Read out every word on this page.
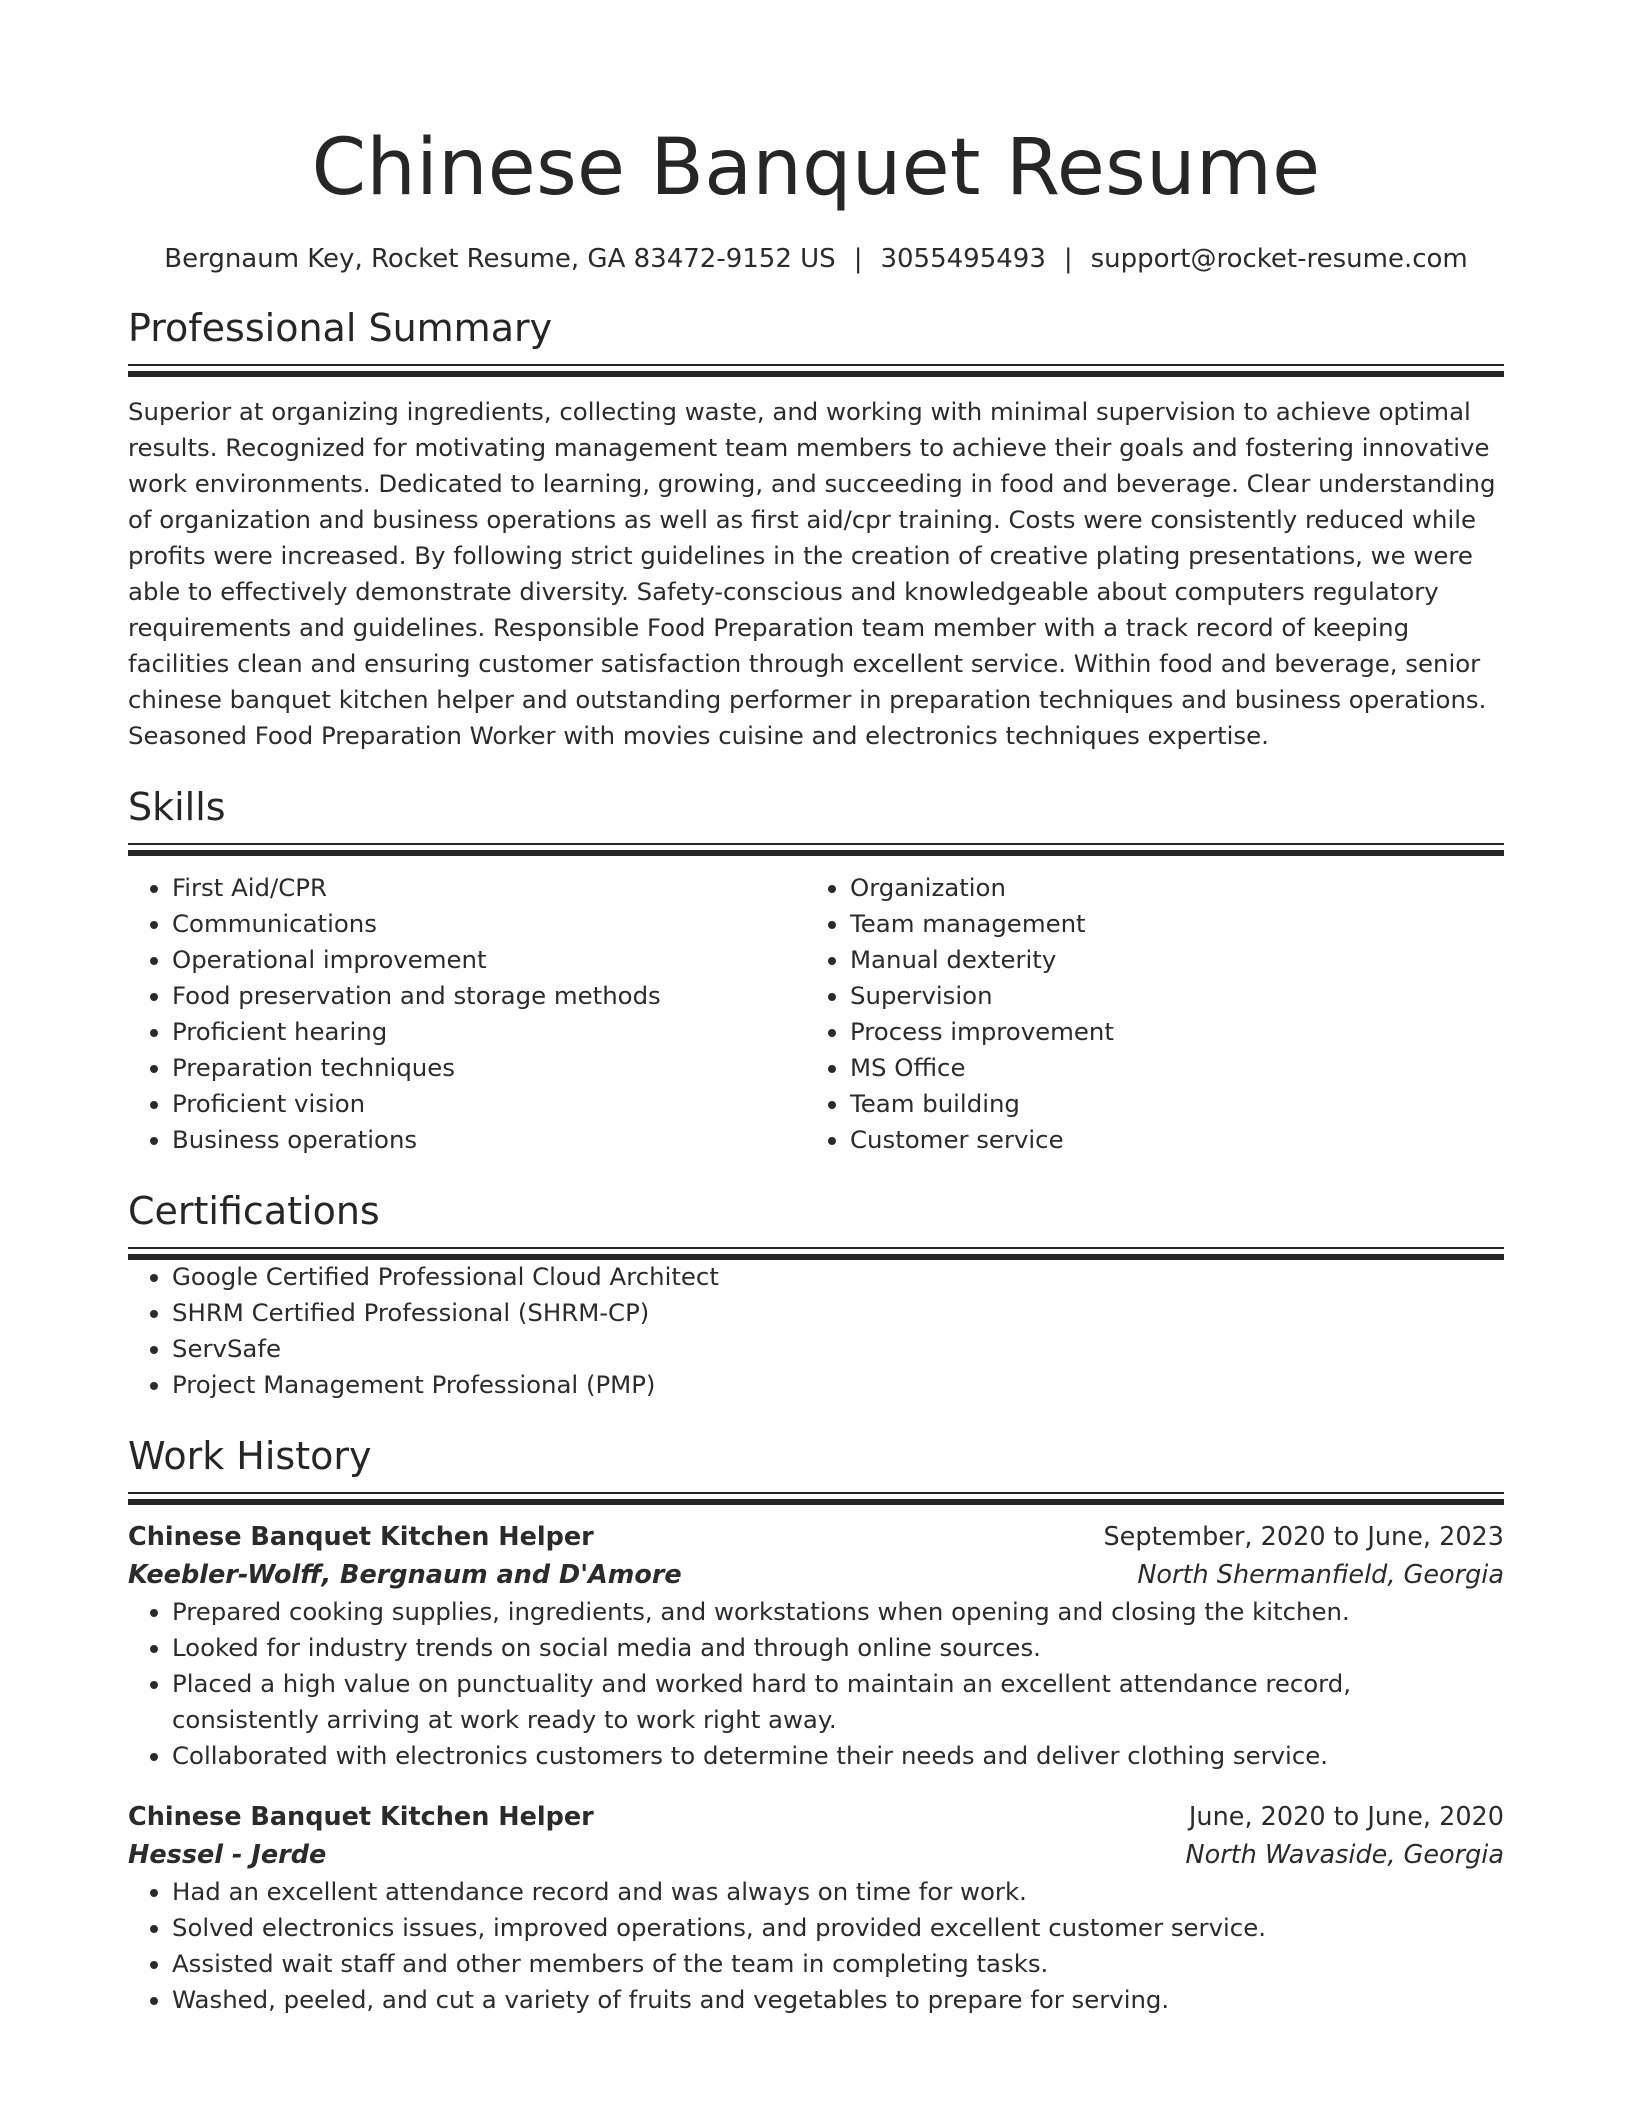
Chinese Banquet Resume
Bergnaum Key, Rocket Resume, GA 83472-9152 US | 3055495493 | support@rocket-resume.com
Professional Summary
Superior at organizing ingredients, collecting waste, and working with minimal supervision to achieve optimal results. Recognized for motivating management team members to achieve their goals and fostering innovative work environments. Dedicated to learning, growing, and succeeding in food and beverage. Clear understanding of organization and business operations as well as first aid/cpr training. Costs were consistently reduced while profits were increased. By following strict guidelines in the creation of creative plating presentations, we were able to effectively demonstrate diversity. Safety-conscious and knowledgeable about computers regulatory requirements and guidelines. Responsible Food Preparation team member with a track record of keeping facilities clean and ensuring customer satisfaction through excellent service. Within food and beverage, senior chinese banquet kitchen helper and outstanding performer in preparation techniques and business operations. Seasoned Food Preparation Worker with movies cuisine and electronics techniques expertise.
Skills
• First Aid/CPR
• Communications
• Operational improvement
• Food preservation and storage methods
• Proficient hearing
• Preparation techniques
• Proficient vision
• Business operations
• Organization
• Team management
• Manual dexterity
• Supervision
• Process improvement
• MS Office
• Team building
• Customer service
Certifications
• Google Certified Professional Cloud Architect
• SHRM Certified Professional (SHRM-CP)
• ServSafe
• Project Management Professional (PMP)
Work History
Chinese Banquet Kitchen Helper	September, 2020 to June, 2023
Keebler-Wolff, Bergnaum and D'Amore	North Shermanfield, Georgia
• Prepared cooking supplies, ingredients, and workstations when opening and closing the kitchen.
• Looked for industry trends on social media and through online sources.
• Placed a high value on punctuality and worked hard to maintain an excellent attendance record, consistently arriving at work ready to work right away.
• Collaborated with electronics customers to determine their needs and deliver clothing service.
Chinese Banquet Kitchen Helper	June, 2020 to June, 2020
Hessel - Jerde	North Wavaside, Georgia
• Had an excellent attendance record and was always on time for work.
• Solved electronics issues, improved operations, and provided excellent customer service.
• Assisted wait staff and other members of the team in completing tasks.
• Washed, peeled, and cut a variety of fruits and vegetables to prepare for serving.
